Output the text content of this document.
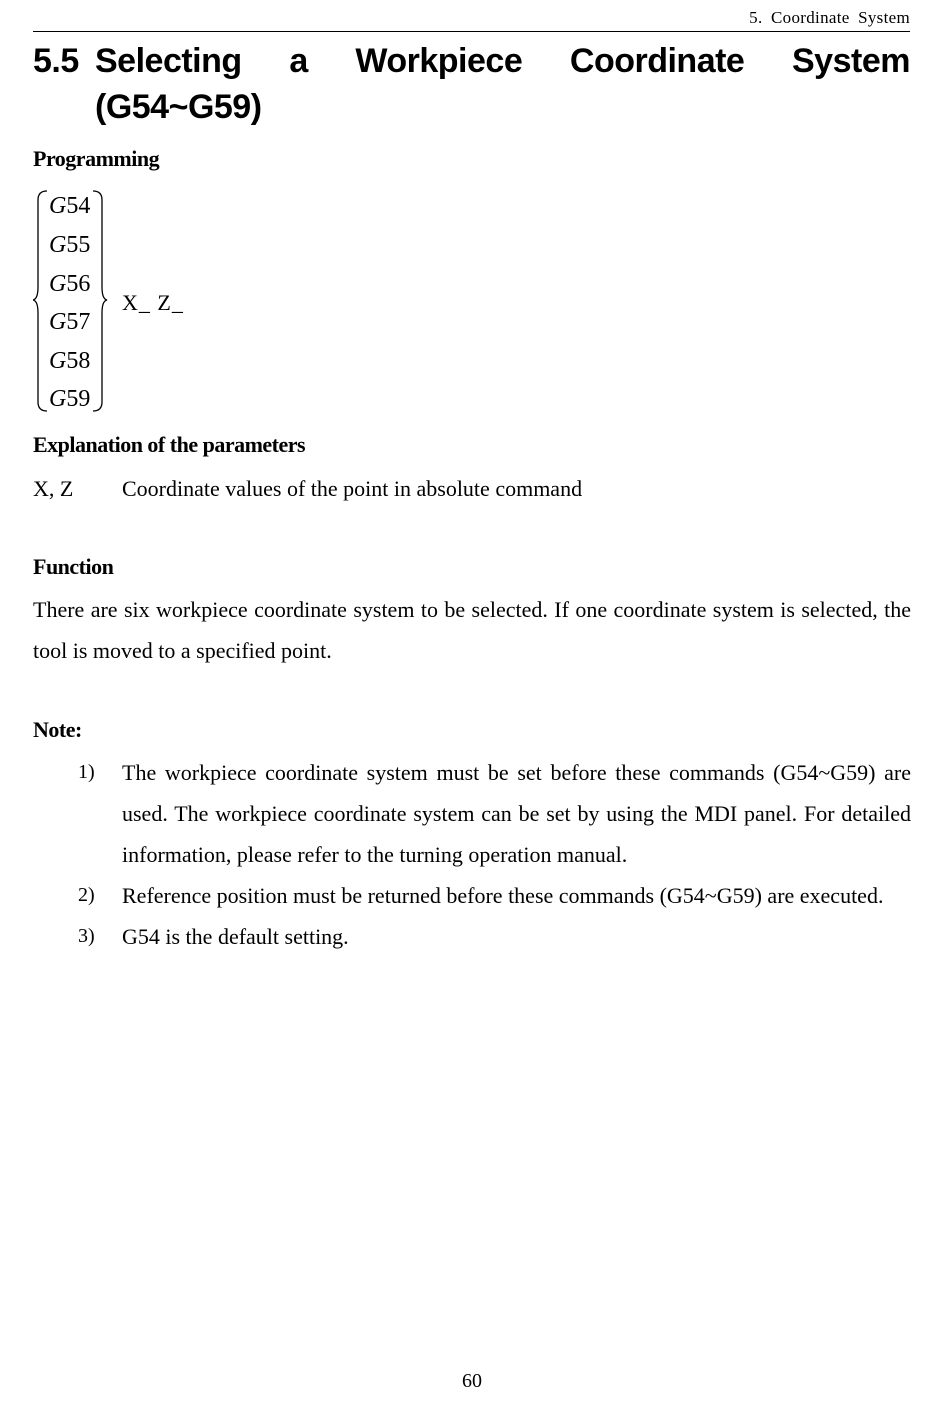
5. Coordinate System
5.5 Selecting a Workpiece Coordinate System
(G54~G59)
Programming
G54
G55
G56
G57
G58
G59
X_ Z_
Explanation of the parameters
X, Z Coordinate values of the point in absolute command
Function
There are six workpiece coordinate system to be selected. If one coordinate system is selected, the tool is moved to a specified point.
Note:
1) The workpiece coordinate system must be set before these commands (G54~G59) are used. The workpiece coordinate system can be set by using the MDI panel. For detailed information, please refer to the turning operation manual.
2) Reference position must be returned before these commands (G54~G59) are executed.
3) G54 is the default setting.
60
